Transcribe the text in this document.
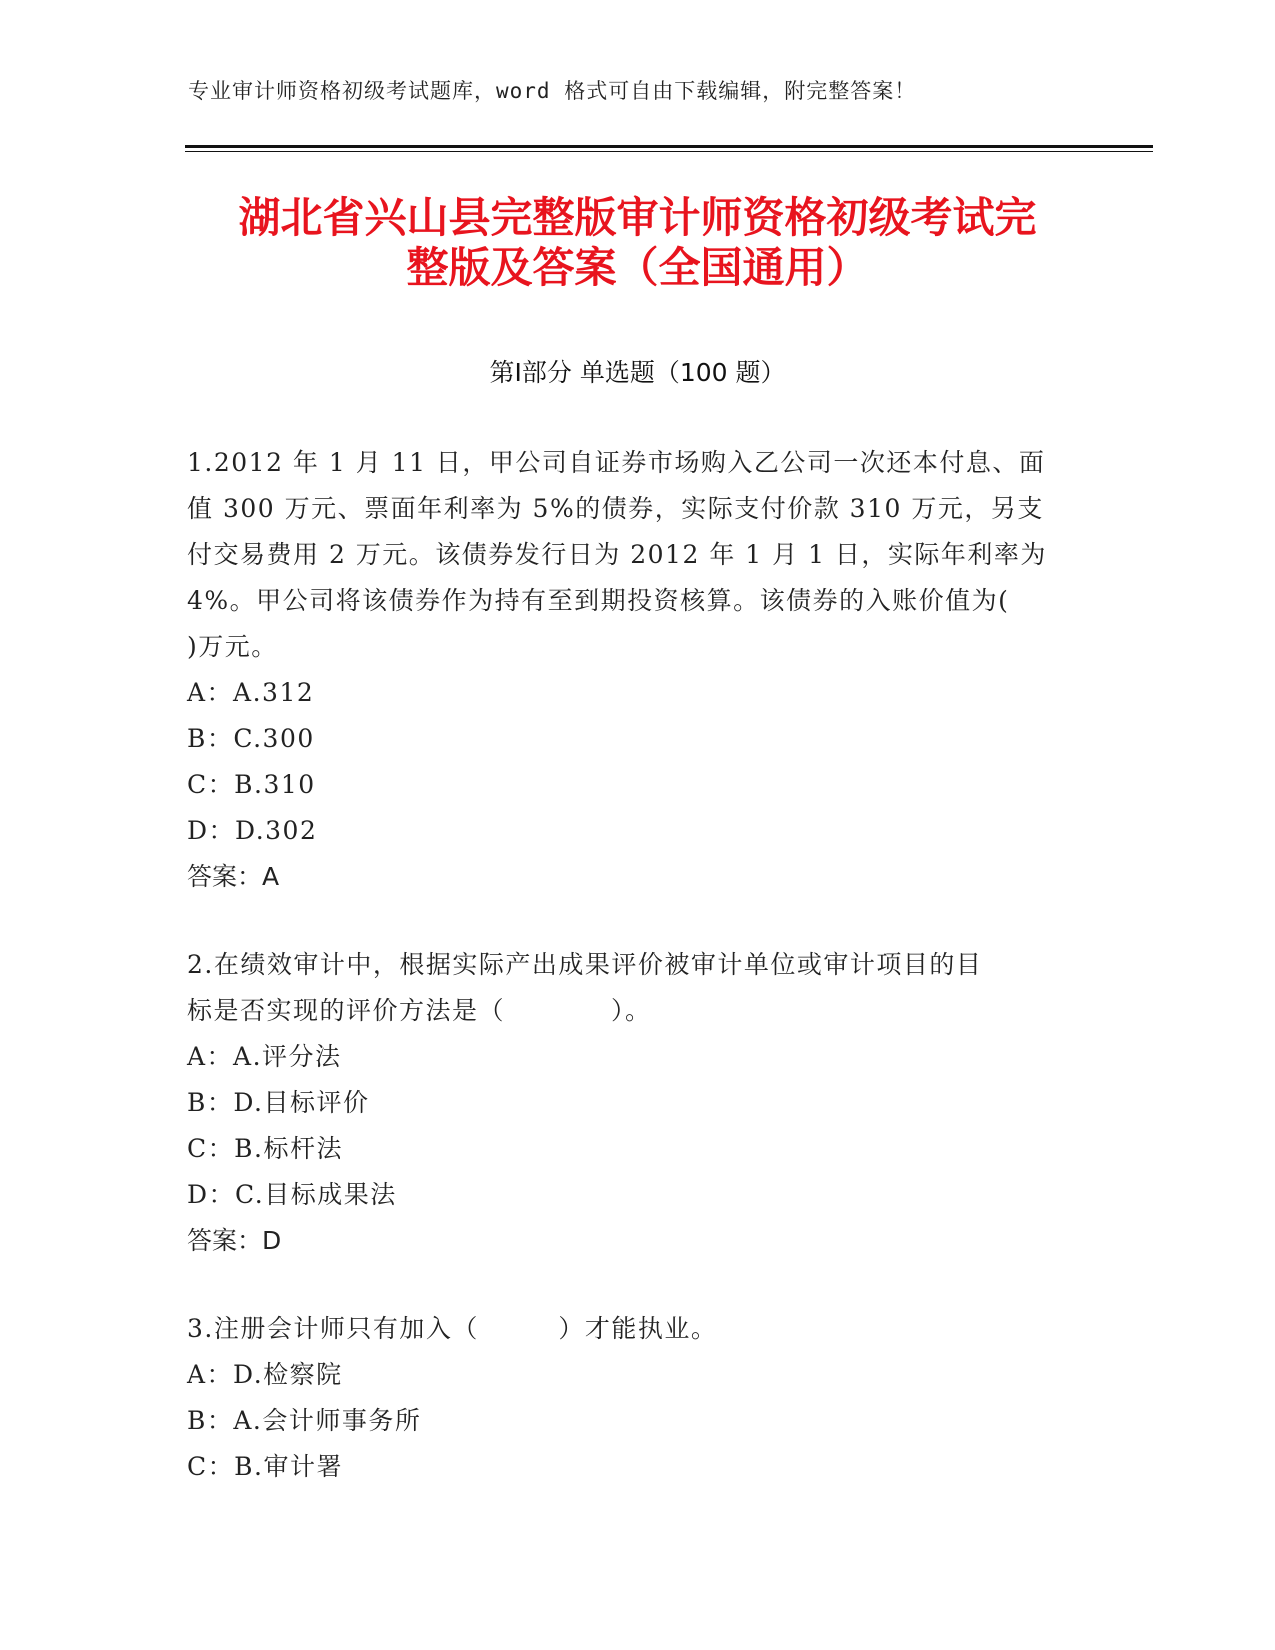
专业审计师资格初级考试题库，word 格式可自由下载编辑，附完整答案！
湖北省兴山县完整版审计师资格初级考试完
整版及答案（全国通用）
第Ⅰ部分 单选题（100 题）

1.2012 年 1 月 11 日，甲公司自证券市场购入乙公司一次还本付息、面

值 300 万元、票面年利率为 5%的债券，实际支付价款 310 万元，另支

付交易费用 2 万元。该债券发行日为 2012 年 1 月 1 日，实际年利率为

4%。甲公司将该债券作为持有至到期投资核算。该债券的入账价值为(

)万元。

A：A.312

B：C.300

C：B.310

D：D.302

答案：A

2.在绩效审计中，根据实际产出成果评价被审计单位或审计项目的目

标是否实现的评价方法是（　　　　）。

A：A.评分法

B：D.目标评价

C：B.标杆法

D：C.目标成果法

答案：D

3.注册会计师只有加入（　　　）才能执业。

A：D.检察院

B：A.会计师事务所

C：B.审计署
